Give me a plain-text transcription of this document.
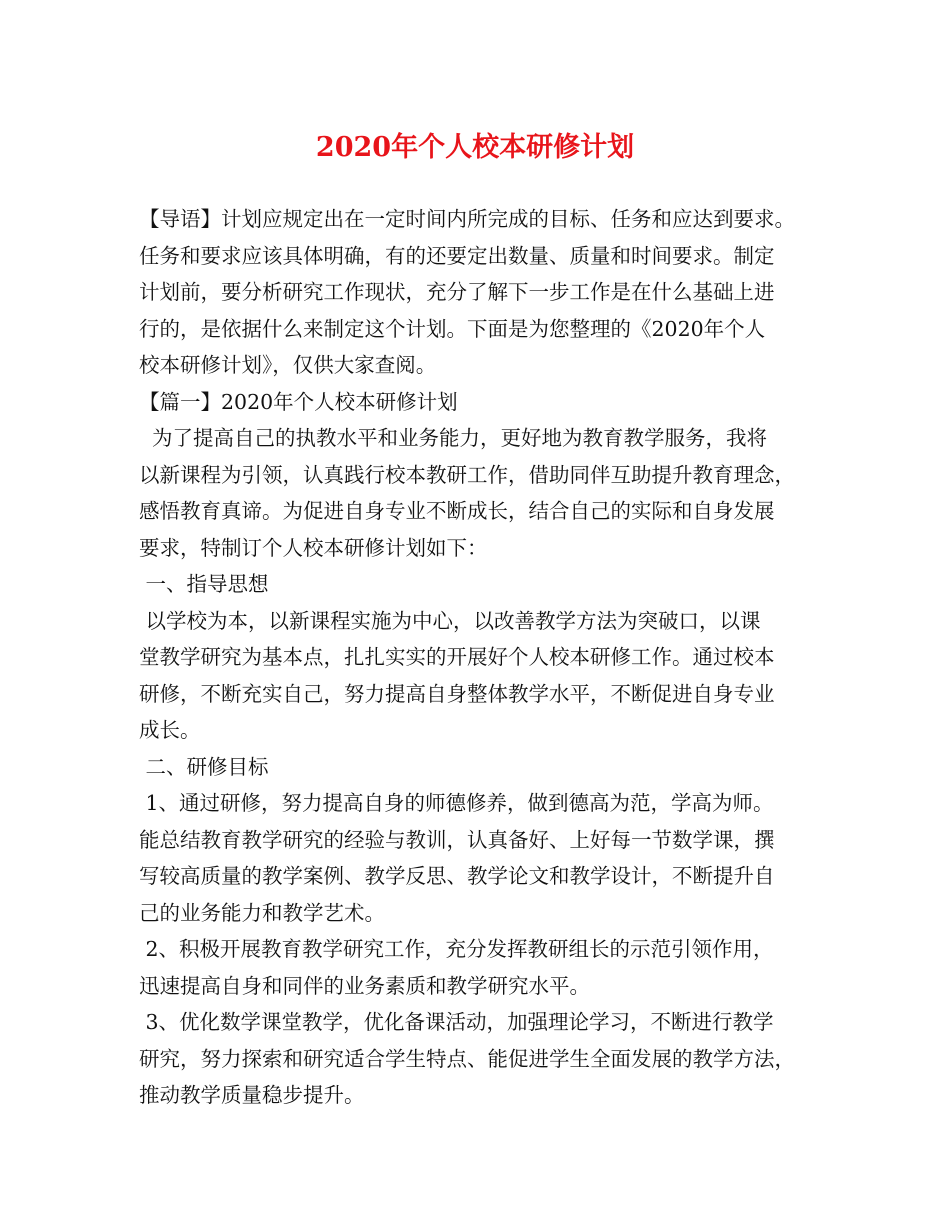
2020年个人校本研修计划
【导语】计划应规定出在一定时间内所完成的目标、任务和应达到要求。
任务和要求应该具体明确，有的还要定出数量、质量和时间要求。制定
计划前，要分析研究工作现状，充分了解下一步工作是在什么基础上进
行的，是依据什么来制定这个计划。下面是为您整理的《2020年个人
校本研修计划》，仅供大家查阅。
【篇一】2020年个人校本研修计划
为了提高自己的执教水平和业务能力，更好地为教育教学服务，我将
以新课程为引领，认真践行校本教研工作，借助同伴互助提升教育理念，
感悟教育真谛。为促进自身专业不断成长，结合自己的实际和自身发展
要求，特制订个人校本研修计划如下：
一、指导思想
以学校为本，以新课程实施为中心，以改善教学方法为突破口，以课
堂教学研究为基本点，扎扎实实的开展好个人校本研修工作。通过校本
研修，不断充实自己，努力提高自身整体教学水平，不断促进自身专业
成长。
二、研修目标
1、通过研修，努力提高自身的师德修养，做到德高为范，学高为师。
能总结教育教学研究的经验与教训，认真备好、上好每一节数学课，撰
写较高质量的教学案例、教学反思、教学论文和教学设计，不断提升自
己的业务能力和教学艺术。
2、积极开展教育教学研究工作，充分发挥教研组长的示范引领作用，
迅速提高自身和同伴的业务素质和教学研究水平。
3、优化数学课堂教学，优化备课活动，加强理论学习，不断进行教学
研究，努力探索和研究适合学生特点、能促进学生全面发展的教学方法，
推动教学质量稳步提升。
